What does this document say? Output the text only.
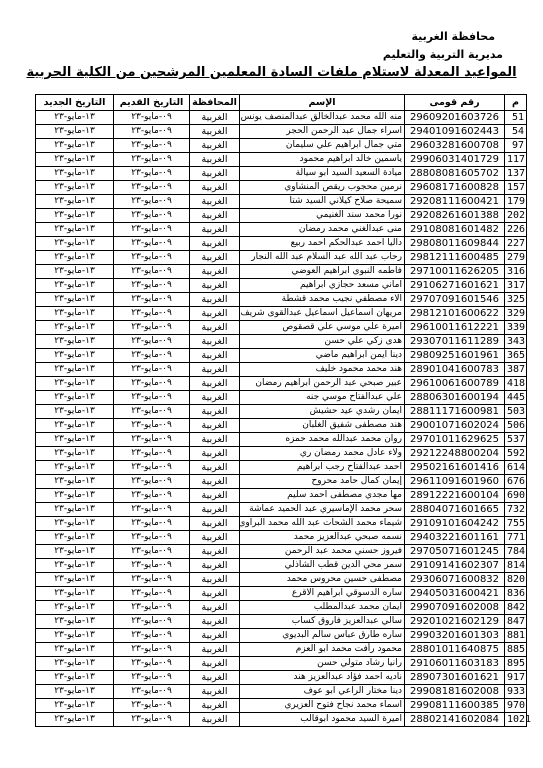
محافظة الغربية
مديرية التربية والتعليم
المواعيد المعدلة لاستلام ملفات السادة المعلمين المرشحين من الكلية الحربية
م	رقم قومى	الإسم	المحافظة	التاريخ القديم	التاريخ الجديد
51	29609201603726	منه الله محمد عبدالخالق عبدالمنصف يونس	الغربية	٠٩-مايو-٢٣	١٣-مايو-٢٣
54	29401091602443	اسراء جمال عبد الرحمن الحجر	الغربية	٠٩-مايو-٢٣	١٣-مايو-٢٣
97	29603281600708	متي جمال ابراهيم علي سليمان	الغربية	٠٩-مايو-٢٣	١٣-مايو-٢٣
117	29906031401729	ياسمين خالد ابراهيم محمود	الغربية	٠٩-مايو-٢٣	١٣-مايو-٢٣
137	28808081605702	ميادة السعيد السيد ابو سيالة	الغربية	٠٩-مايو-٢٣	١٣-مايو-٢٣
157	29608171600828	نرمين محجوب ريقص المنشاوي	الغربية	٠٩-مايو-٢٣	١٣-مايو-٢٣
179	29208111600421	سميحة صلاح كيلاني السيد شتا	الغربية	٠٩-مايو-٢٣	١٣-مايو-٢٣
202	29208261601388	نورا محمد سند الغنيمي	الغربية	٠٩-مايو-٢٣	١٣-مايو-٢٣
226	29108081601482	منى عبدالغني محمد رمضان	الغربية	٠٩-مايو-٢٣	١٣-مايو-٢٣
227	29808011609844	داليا احمد عبدالحكم احمد ربيع	الغربية	٠٩-مايو-٢٣	١٣-مايو-٢٣
279	29812111600485	رحاب عبد الله عبد السلام عبد الله النجار	الغربية	٠٩-مايو-٢٣	١٣-مايو-٢٣
316	29710011626205	فاطمه النبوي ابراهيم العوضي	الغربية	٠٩-مايو-٢٣	١٣-مايو-٢٣
317	29106271601621	اماني مسعد حجازي ابراهيم	الغربية	٠٩-مايو-٢٣	١٣-مايو-٢٣
325	29707091601546	الاء مصطفي نجيب محمد قشطة	الغربية	٠٩-مايو-٢٣	١٣-مايو-٢٣
329	29812101600622	مريهان اسماعيل اسماعيل عبدالقوى شريف	الغربية	٠٩-مايو-٢٣	١٣-مايو-٢٣
339	29610011612221	اميرة علي موسي علي قصقوص	الغربية	٠٩-مايو-٢٣	١٣-مايو-٢٣
343	29307011611289	هدى زكي علي حسن	الغربية	٠٩-مايو-٢٣	١٣-مايو-٢٣
365	29809251601961	دينا ايمن ابراهيم ماضي	الغربية	٠٩-مايو-٢٣	١٣-مايو-٢٣
387	28901041600783	هند محمد محمود خليف	الغربية	٠٩-مايو-٢٣	١٣-مايو-٢٣
418	29610061600789	عبير صبحي عبد الرحمن ابراهيم رمضان	الغربية	٠٩-مايو-٢٣	١٣-مايو-٢٣
445	28806301600194	علي عبدالفتاح موسي جنه	الغربية	٠٩-مايو-٢٣	١٣-مايو-٢٣
503	28811171600981	ايمان رشدي عيد حشيش	الغربية	٠٩-مايو-٢٣	١٣-مايو-٢٣
506	29001071602024	هند مصطفى شفيق الغلبان	الغربية	٠٩-مايو-٢٣	١٣-مايو-٢٣
537	29701011629625	روان محمد عبدالله محمد حمزه	الغربية	٠٩-مايو-٢٣	١٣-مايو-٢٣
592	29212248800204	ولاء عادل محمد رمضان ري	الغربية	٠٩-مايو-٢٣	١٣-مايو-٢٣
614	29502161601416	احمد عبدالفتاح رجب ابراهيم	الغربية	٠٩-مايو-٢٣	١٣-مايو-٢٣
676	29611091601960	إيمان كمال حامد محروح	الغربية	٠٩-مايو-٢٣	١٣-مايو-٢٣
690	28912221600104	مها مجدي مصطفى احمد سليم	الغربية	٠٩-مايو-٢٣	١٣-مايو-٢٣
732	28804071601665	سحر محمد الإماسيري عبد الحميد عماشة	الغربية	٠٩-مايو-٢٣	١٣-مايو-٢٣
755	29109101604242	شيماء محمد الشحات عبد الله محمد البراوي	الغربية	٠٩-مايو-٢٣	١٣-مايو-٢٣
771	29403221601161	نسمه صبحي عبدالعزيز محمد	الغربية	٠٩-مايو-٢٣	١٣-مايو-٢٣
784	29705071601245	فيروز حسني محمد عبد الرحمن	الغربية	٠٩-مايو-٢٣	١٣-مايو-٢٣
814	29109141602307	سمر محي الدين قطب الشاذلي	الغربية	٠٩-مايو-٢٣	١٣-مايو-٢٣
820	29306071600832	مصطفى حسين محروس محمد	الغربية	٠٩-مايو-٢٣	١٣-مايو-٢٣
836	29405031600421	ساره الدسوقي ابراهيم الاقرع	الغربية	٠٩-مايو-٢٣	١٣-مايو-٢٣
842	29907091602008	ايمان محمد عبدالمطلب	الغربية	٠٩-مايو-٢٣	١٣-مايو-٢٣
847	29201021602129	سالي عبدالعزيز فاروق كساب	الغربية	٠٩-مايو-٢٣	١٣-مايو-٢٣
881	29903201601303	ساره طارق عباس سالم البديوي	الغربية	٠٩-مايو-٢٣	١٣-مايو-٢٣
885	28801011640875	محمود رأفت محمد ابو العزم	الغربية	٠٩-مايو-٢٣	١٣-مايو-٢٣
895	29106011603183	رانيا رشاد متولي حسن	الغربية	٠٩-مايو-٢٣	١٣-مايو-٢٣
917	28907301601621	ناديه احمد فؤاد عبدالعزيز هند	الغربية	٠٩-مايو-٢٣	١٣-مايو-٢٣
933	29908181602008	دينا مختار الراعي ابو عوف	الغربية	٠٩-مايو-٢٣	١٣-مايو-٢٣
970	29908111600385	اسماء محمد نجاح فتوح العزيري	الغربية	٠٩-مايو-٢٣	١٣-مايو-٢٣
1021	28802141602084	اميرة السيد محمود ابوقالب	الغربية	٠٩-مايو-٢٣	١٣-مايو-٢٣
